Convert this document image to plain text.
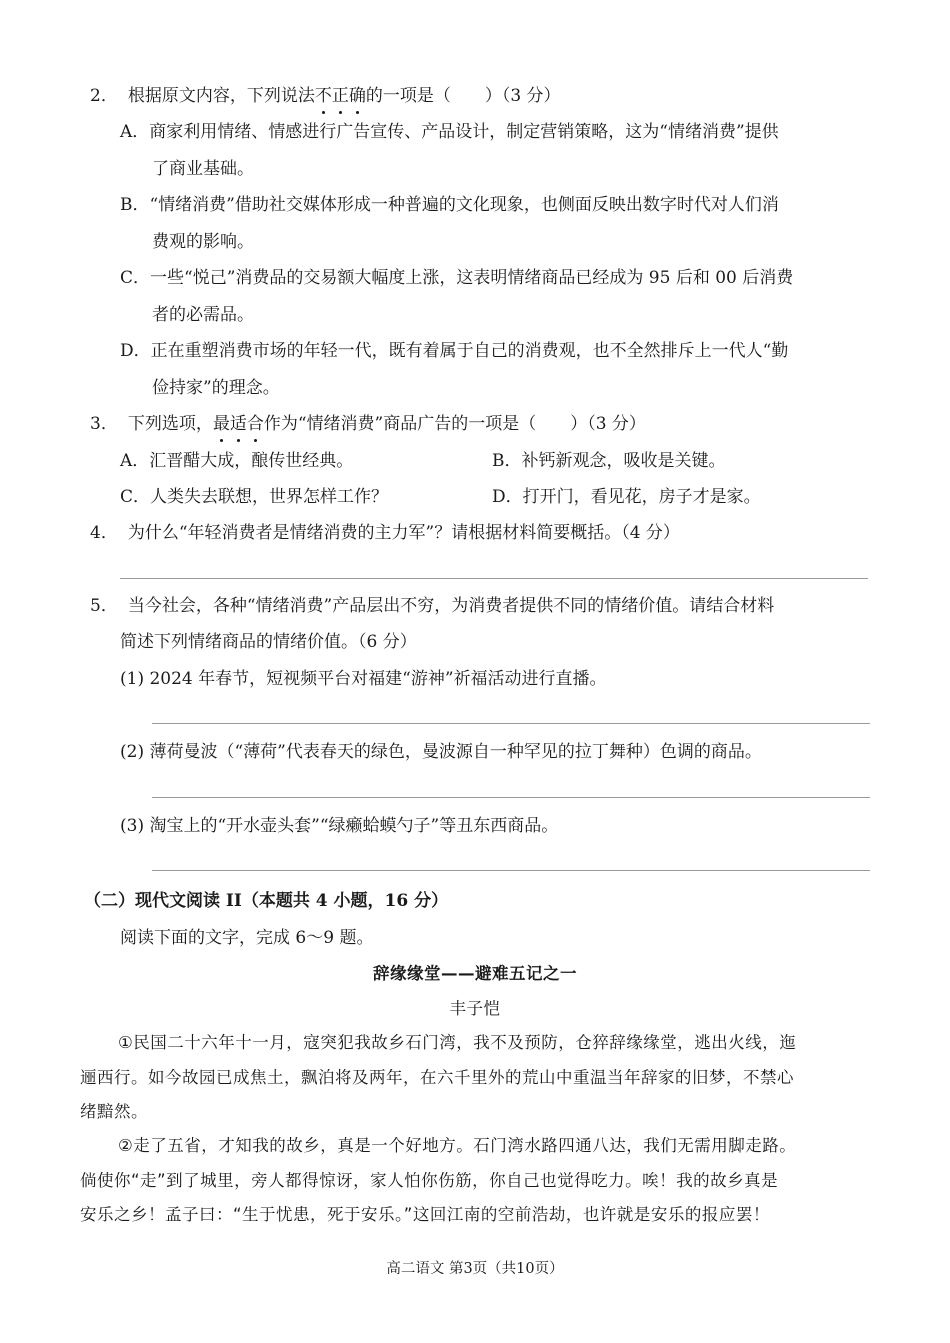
2． 根据原文内容，下列说法不正确的一项是（　　）（3 分）
A．商家利用情绪、情感进行广告宣传、产品设计，制定营销策略，这为“情绪消费”提供
了商业基础。
B．“情绪消费”借助社交媒体形成一种普遍的文化现象，也侧面反映出数字时代对人们消
费观的影响。
C．一些“悦己”消费品的交易额大幅度上涨，这表明情绪商品已经成为 95 后和 00 后消费
者的必需品。
D．正在重塑消费市场的年轻一代，既有着属于自己的消费观，也不全然排斥上一代人“勤
俭持家”的理念。
3． 下列选项，最适合作为“情绪消费”商品广告的一项是（　　）（3 分）
A．汇晋醋大成，酿传世经典。	B．补钙新观念，吸收是关键。
C．人类失去联想，世界怎样工作？	D．打开门，看见花，房子才是家。
4． 为什么“年轻消费者是情绪消费的主力军”？请根据材料简要概括。（4 分）
5． 当今社会，各种“情绪消费”产品层出不穷，为消费者提供不同的情绪价值。请结合材料
简述下列情绪商品的情绪价值。（6 分）
(1) 2024 年春节，短视频平台对福建“游神”祈福活动进行直播。
(2) 薄荷曼波（“薄荷”代表春天的绿色，曼波源自一种罕见的拉丁舞种）色调的商品。
(3) 淘宝上的“开水壶头套”“绿癞蛤蟆勺子”等丑东西商品。
（二）现代文阅读 II（本题共 4 小题，16 分）
阅读下面的文字，完成 6～9 题。
辞缘缘堂——避难五记之一
丰子恺
①民国二十六年十一月，寇突犯我故乡石门湾，我不及预防，仓猝辞缘缘堂，逃出火线，迤
逦西行。如今故园已成焦土，飘泊将及两年，在六千里外的荒山中重温当年辞家的旧梦，不禁心
绪黯然。
②走了五省，才知我的故乡，真是一个好地方。石门湾水路四通八达，我们无需用脚走路。
倘使你“走”到了城里，旁人都得惊讶，家人怕你伤筋，你自己也觉得吃力。唉！我的故乡真是
安乐之乡！孟子曰：“生于忧患，死于安乐。”这回江南的空前浩劫，也许就是安乐的报应罢！
高二语文 第3页（共10页）
